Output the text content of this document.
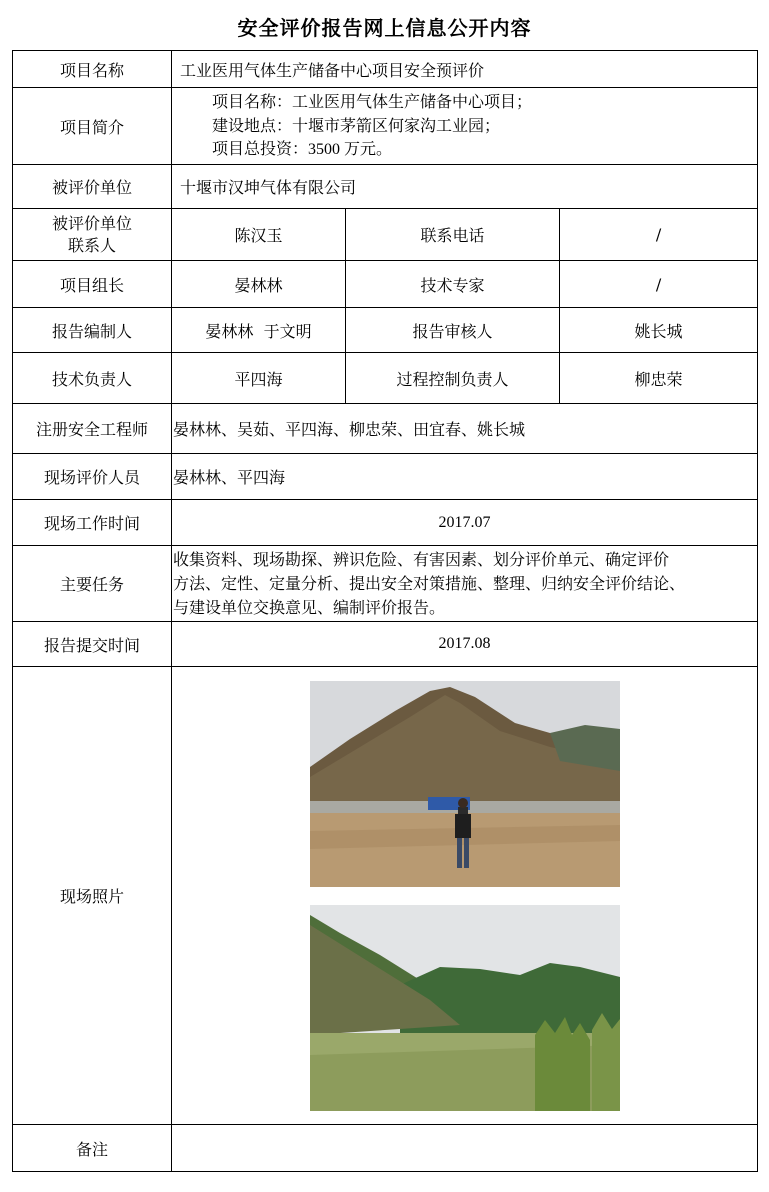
安全评价报告网上信息公开内容
项目名称	工业医用气体生产储备中心项目安全预评价		
项目简介	项目名称：工业医用气体生产储备中心项目；
建设地点：十堰市茅箭区何家沟工业园；
项目总投资：3500 万元。		

被评价单位	十堰市汉坤气体有限公司		

被评价单位
联系人	陈汉玉	联系电话	/
项目组长	晏林林	技术专家	/
报告编制人	晏林林  于文明	报告审核人	姚长城
技术负责人	平四海	过程控制负责人	柳忠荣
注册安全工程师	晏林林、吴茹、平四海、柳忠荣、田宜春、姚长城		
现场评价人员	晏林林、平四海		
现场工作时间	2017.07		
主要任务	收集资料、现场勘探、辨识危险、有害因素、划分评价单元、确定评价
方法、定性、定量分析、提出安全对策措施、整理、归纳安全评价结论、
与建设单位交换意见、编制评价报告。		

报告提交时间	2017.08		
现场照片	

备注			
